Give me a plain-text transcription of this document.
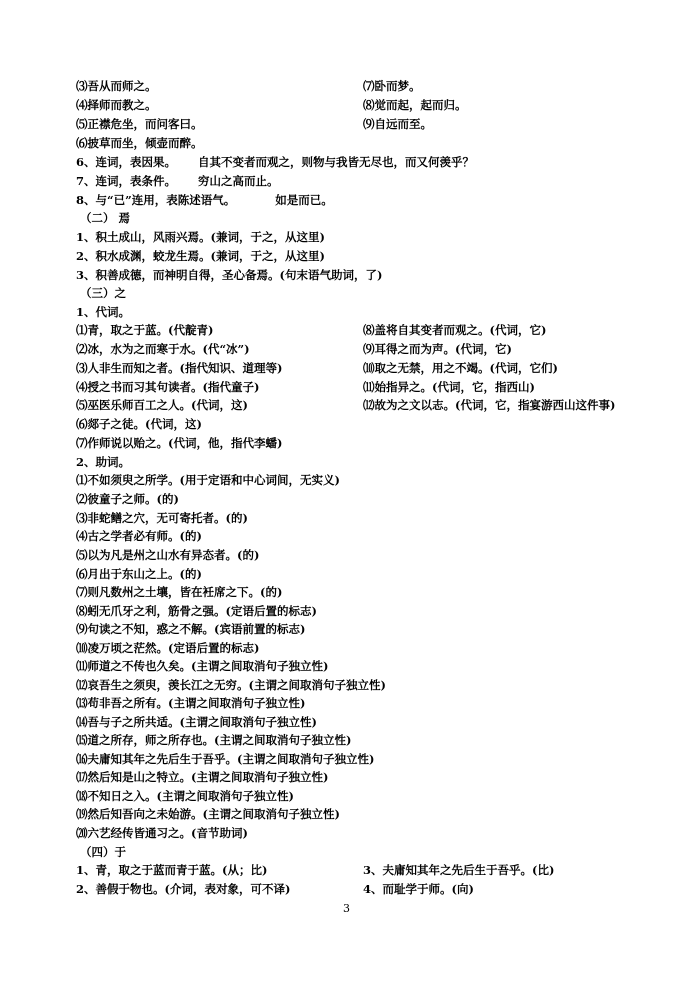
⑶吾从而师之。	⑺卧而梦。
⑷择师而教之。	⑻觉而起，起而归。
⑸正襟危坐，而问客曰。	⑼自远而至。
⑹披草而坐，倾壶而醉。
6、连词，表因果。 自其不变者而观之，则物与我皆无尽也，而又何羡乎？
7、连词，表条件。 穷山之高而止。
8、与“已”连用，表陈述语气。	如是而已。
（二） 焉
1、积土成山，风雨兴焉。(兼词，于之，从这里)
2、积水成渊，蛟龙生焉。(兼词，于之，从这里)
3、积善成德，而神明自得，圣心备焉。(句末语气助词，了)
（三）之
1、代词。
⑴青，取之于蓝。(代靛青)	⑻盖将自其变者而观之。(代词，它)
⑵冰，水为之而寒于水。(代“冰”)	⑼耳得之而为声。(代词，它)
⑶人非生而知之者。(指代知识、道理等)	⑽取之无禁，用之不竭。(代词，它们)
⑷授之书而习其句读者。(指代童子)	⑾始指异之。(代词，它，指西山)
⑸巫医乐师百工之人。(代词，这)	⑿故为之文以志。(代词，它，指宴游西山这件事)
⑹郯子之徒。(代词，这)
⑺作师说以贻之。(代词，他，指代李蟠)
2、助词。
⑴不如须臾之所学。(用于定语和中心词间，无实义)
⑵彼童子之师。(的)
⑶非蛇鳝之穴，无可寄托者。(的)
⑷古之学者必有师。(的)
⑸以为凡是州之山水有异态者。(的)
⑹月出于东山之上。(的)
⑺则凡数州之土壤，皆在衽席之下。(的)
⑻蚓无爪牙之利，筋骨之强。(定语后置的标志)
⑼句读之不知，惑之不解。(宾语前置的标志)
⑽凌万顷之茫然。(定语后置的标志)
⑾师道之不传也久矣。(主谓之间取消句子独立性)
⑿哀吾生之须臾，羡长江之无穷。(主谓之间取消句子独立性)
⒀苟非吾之所有。(主谓之间取消句子独立性)
⒁吾与子之所共适。(主谓之间取消句子独立性)
⒂道之所存，师之所存也。(主谓之间取消句子独立性)
⒃夫庸知其年之先后生于吾乎。(主谓之间取消句子独立性)
⒄然后知是山之特立。(主谓之间取消句子独立性)
⒅不知日之入。(主谓之间取消句子独立性)
⒆然后知吾向之未始游。(主谓之间取消句子独立性)
⒇六艺经传皆通习之。(音节助词)
（四）于
1、青，取之于蓝而青于蓝。(从；比)	3、夫庸知其年之先后生于吾乎。(比)
2、善假于物也。(介词，表对象，可不译)	4、而耻学于师。(向)
3
